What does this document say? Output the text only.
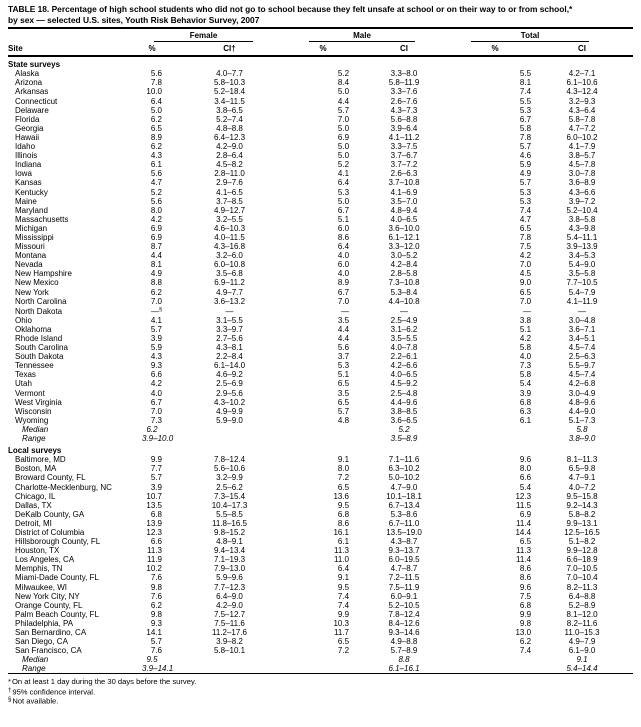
TABLE 18. Percentage of high school students who did not go to school because they felt unsafe at school or on their way to or from school,* by sex — selected U.S. sites, Youth Risk Behavior Survey, 2007

	Female		Male		Total	

Site	%	CI†	%	CI	%	CI
State surveys						
Alaska	5.6	4.0–7.7	5.2	3.3–8.0	5.5	4.2–7.1
Arizona	7.8	5.8–10.3	8.4	5.8–11.9	8.1	6.1–10.6
Arkansas	10.0	5.2–18.4	5.0	3.3–7.6	7.4	4.3–12.4
Connecticut	6.4	3.4–11.5	4.4	2.6–7.6	5.5	3.2–9.3
Delaware	5.0	3.8–6.5	5.7	4.3–7.3	5.3	4.3–6.4
Florida	6.2	5.2–7.4	7.0	5.6–8.8	6.7	5.8–7.8
Georgia	6.5	4.8–8.8	5.0	3.9–6.4	5.8	4.7–7.2
Hawaii	8.9	6.4–12.3	6.9	4.1–11.2	7.8	6.0–10.2
Idaho	6.2	4.2–9.0	5.0	3.3–7.5	5.7	4.1–7.9
Illinois	4.3	2.8–6.4	5.0	3.7–6.7	4.6	3.8–5.7
Indiana	6.1	4.5–8.2	5.2	3.7–7.2	5.9	4.5–7.8
Iowa	5.6	2.8–11.0	4.1	2.6–6.3	4.9	3.0–7.8
Kansas	4.7	2.9–7.6	6.4	3.7–10.8	5.7	3.6–8.9
Kentucky	5.2	4.1–6.5	5.3	4.1–6.9	5.3	4.3–6.6
Maine	5.6	3.7–8.5	5.0	3.5–7.0	5.3	3.9–7.2
Maryland	8.0	4.9–12.7	6.7	4.8–9.4	7.4	5.2–10.4
Massachusetts	4.2	3.2–5.5	5.1	4.0–6.5	4.7	3.8–5.8
Michigan	6.9	4.6–10.3	6.0	3.6–10.0	6.5	4.3–9.8
Mississippi	6.9	4.0–11.5	8.6	6.1–12.1	7.8	5.4–11.1
Missouri	8.7	4.3–16.8	6.4	3.3–12.0	7.5	3.9–13.9
Montana	4.4	3.2–6.0	4.0	3.0–5.2	4.2	3.4–5.3
Nevada	8.1	6.0–10.8	6.0	4.2–8.4	7.0	5.4–9.0
New Hampshire	4.9	3.5–6.8	4.0	2.8–5.8	4.5	3.5–5.8
New Mexico	8.8	6.9–11.2	8.9	7.3–10.8	9.0	7.7–10.5
New York	6.2	4.9–7.7	6.7	5.3–8.4	6.5	5.4–7.9
North Carolina	7.0	3.6–13.2	7.0	4.4–10.8	7.0	4.1–11.9
North Dakota	—§	—	—	—	—	—
Ohio	4.1	3.1–5.5	3.5	2.5–4.9	3.8	3.0–4.8
Oklahoma	5.7	3.3–9.7	4.4	3.1–6.2	5.1	3.6–7.1
Rhode Island	3.9	2.7–5.6	4.4	3.5–5.5	4.2	3.4–5.1
South Carolina	5.9	4.3–8.1	5.6	4.0–7.8	5.8	4.5–7.4
South Dakota	4.3	2.2–8.4	3.7	2.2–6.1	4.0	2.5–6.3
Tennessee	9.3	6.1–14.0	5.3	4.2–6.6	7.3	5.5–9.7
Texas	6.6	4.6–9.2	5.1	4.0–6.5	5.8	4.5–7.4
Utah	4.2	2.5–6.9	6.5	4.5–9.2	5.4	4.2–6.8
Vermont	4.0	2.9–5.6	3.5	2.5–4.8	3.9	3.0–4.9
West Virginia	6.7	4.3–10.2	6.5	4.4–9.6	6.8	4.8–9.6
Wisconsin	7.0	4.9–9.9	5.7	3.8–8.5	6.3	4.4–9.0
Wyoming	7.3	5.9–9.0	4.8	3.6–6.5	6.1	5.1–7.3
Median	6.2			5.2		5.8
Range	3.9–10.0			3.5–8.9		3.8–9.0
Local surveys						
Baltimore, MD	9.9	7.8–12.4	9.1	7.1–11.6	9.6	8.1–11.3
Boston, MA	7.7	5.6–10.6	8.0	6.3–10.2	8.0	6.5–9.8
Broward County, FL	5.7	3.2–9.9	7.2	5.0–10.2	6.6	4.7–9.1
Charlotte-Mecklenburg, NC	3.9	2.5–6.2	6.5	4.7–9.0	5.4	4.0–7.2
Chicago, IL	10.7	7.3–15.4	13.6	10.1–18.1	12.3	9.5–15.8
Dallas, TX	13.5	10.4–17.3	9.5	6.7–13.4	11.5	9.2–14.3
DeKalb County, GA	6.8	5.5–8.5	6.8	5.3–8.6	6.9	5.8–8.2
Detroit, MI	13.9	11.8–16.5	8.6	6.7–11.0	11.4	9.9–13.1
District of Columbia	12.3	9.8–15.2	16.1	13.5–19.0	14.4	12.5–16.5
Hillsborough County, FL	6.6	4.8–9.1	6.1	4.3–8.7	6.5	5.1–8.2
Houston, TX	11.3	9.4–13.4	11.3	9.3–13.7	11.3	9.9–12.8
Los Angeles, CA	11.9	7.1–19.3	11.0	6.0–19.5	11.4	6.6–18.9
Memphis, TN	10.2	7.9–13.0	6.4	4.7–8.7	8.6	7.0–10.5
Miami-Dade County, FL	7.6	5.9–9.6	9.1	7.2–11.5	8.6	7.0–10.4
Milwaukee, WI	9.8	7.7–12.3	9.5	7.5–11.9	9.6	8.2–11.3
New York City, NY	7.6	6.4–9.0	7.4	6.0–9.1	7.5	6.4–8.8
Orange County, FL	6.2	4.2–9.0	7.4	5.2–10.5	6.8	5.2–8.9
Palm Beach County, FL	9.8	7.5–12.7	9.9	7.8–12.4	9.9	8.1–12.0
Philadelphia, PA	9.3	7.5–11.6	10.3	8.4–12.6	9.8	8.2–11.6
San Bernardino, CA	14.1	11.2–17.6	11.7	9.3–14.6	13.0	11.0–15.3
San Diego, CA	5.7	3.9–8.2	6.5	4.9–8.8	6.2	4.9–7.9
San Francisco, CA	7.6	5.8–10.1	7.2	5.7–8.9	7.4	6.1–9.0
Median	9.5			8.8		9.1
Range	3.9–14.1			6.1–16.1		5.4–14.4
*On at least 1 day during the 30 days before the survey.
†95% confidence interval.
§Not available.
